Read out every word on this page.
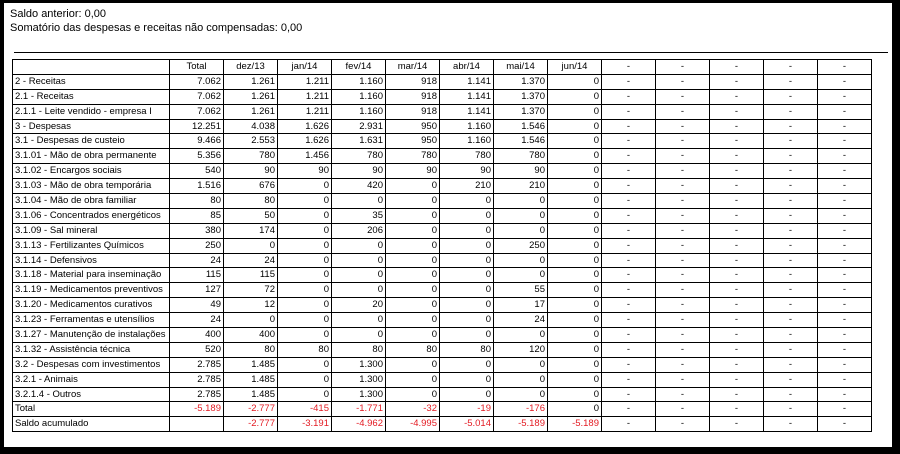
Saldo anterior: 0,00
Somatório das despesas e receitas não compensadas: 0,00
	Total	dez/13	jan/14	fev/14	mar/14	abr/14	mai/14	jun/14	-	-	-	-	-
2 - Receitas	7.062	1.261	1.211	1.160	918	1.141	1.370	0	-	-	-	-	-
2.1 - Receitas	7.062	1.261	1.211	1.160	918	1.141	1.370	0	-	-	-	-	-
2.1.1 - Leite vendido - empresa I	7.062	1.261	1.211	1.160	918	1.141	1.370	0	-	-	-	-	-
3 - Despesas	12.251	4.038	1.626	2.931	950	1.160	1.546	0	-	-	-	-	-
3.1 - Despesas de custeio	9.466	2.553	1.626	1.631	950	1.160	1.546	0	-	-	-	-	-
3.1.01 - Mão de obra permanente	5.356	780	1.456	780	780	780	780	0	-	-	-	-	-
3.1.02 - Encargos sociais	540	90	90	90	90	90	90	0	-	-	-	-	-
3.1.03 - Mão de obra temporária	1.516	676	0	420	0	210	210	0	-	-	-	-	-
3.1.04 - Mão de obra familiar	80	80	0	0	0	0	0	0	-	-	-	-	-
3.1.06 - Concentrados energéticos	85	50	0	35	0	0	0	0	-	-	-	-	-
3.1.09 - Sal mineral	380	174	0	206	0	0	0	0	-	-	-	-	-
3.1.13 - Fertilizantes Químicos	250	0	0	0	0	0	250	0	-	-	-	-	-
3.1.14 - Defensivos	24	24	0	0	0	0	0	0	-	-	-	-	-
3.1.18 - Material para inseminação	115	115	0	0	0	0	0	0	-	-	-	-	-
3.1.19 - Medicamentos preventivos	127	72	0	0	0	0	55	0	-	-	-	-	-
3.1.20 - Medicamentos curativos	49	12	0	20	0	0	17	0	-	-	-	-	-
3.1.23 - Ferramentas e utensílios	24	0	0	0	0	0	24	0	-	-	-	-	-
3.1.27 - Manutenção de instalações	400	400	0	0	0	0	0	0	-	-	-	-	-
3.1.32 - Assistência técnica	520	80	80	80	80	80	120	0	-	-	-	-	-
3.2 - Despesas com investimentos	2.785	1.485	0	1.300	0	0	0	0	-	-	-	-	-
3.2.1 - Animais	2.785	1.485	0	1.300	0	0	0	0	-	-	-	-	-
3.2.1.4 - Outros	2.785	1.485	0	1.300	0	0	0	0	-	-	-	-	-
Total	-5.189	-2.777	-415	-1.771	-32	-19	-176	0	-	-	-	-	-
Saldo acumulado		-2.777	-3.191	-4.962	-4.995	-5.014	-5.189	-5.189	-	-	-	-	-
